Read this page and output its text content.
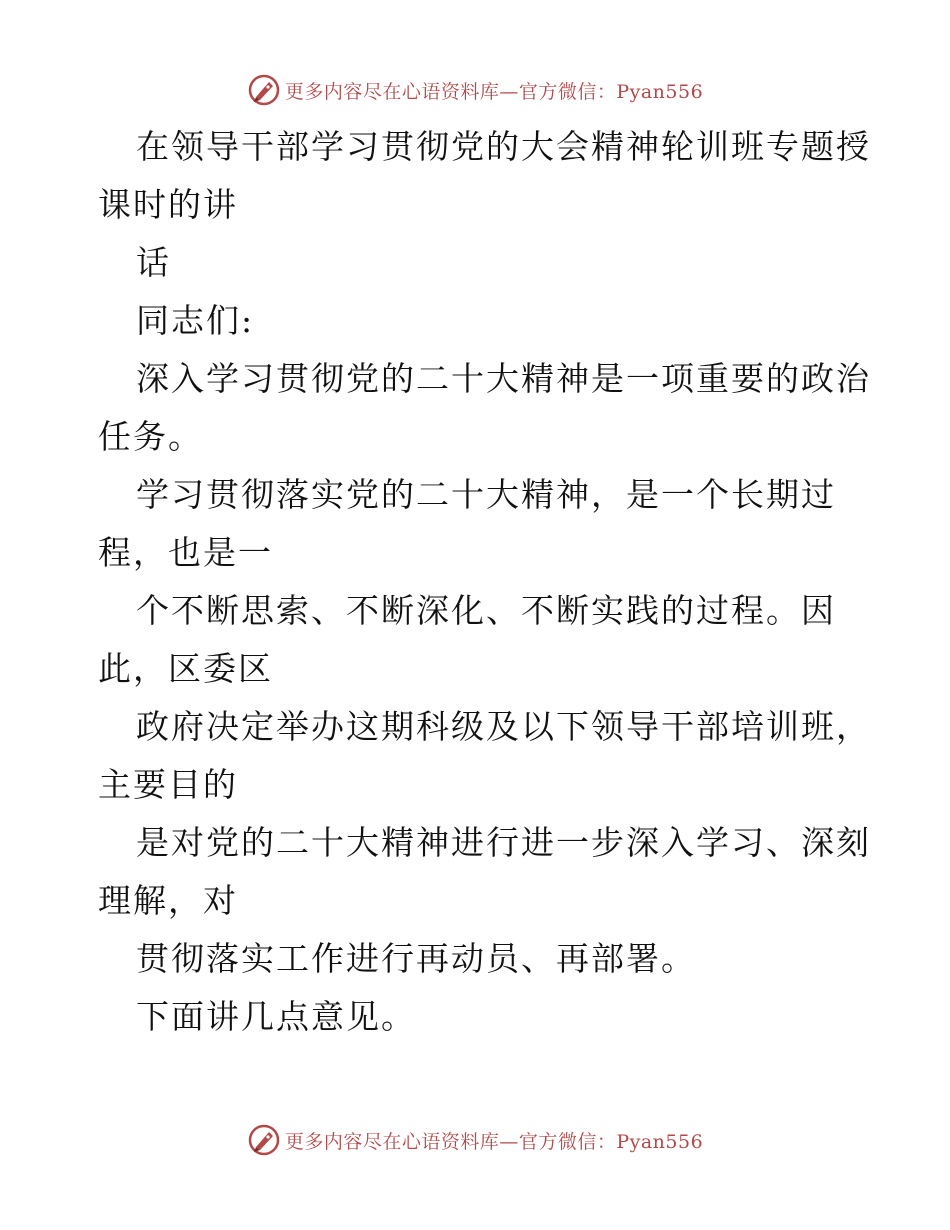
更多内容尽在心语资料库—官方微信：Pyan556
在领导干部学习贯彻党的大会精神轮训班专题授
课时的讲
话
同志们:
深入学习贯彻党的二十大精神是一项重要的政治
任务。
学习贯彻落实党的二十大精神，是一个长期过
程，也是一
个不断思索、不断深化、不断实践的过程。因
此，区委区
政府决定举办这期科级及以下领导干部培训班，
主要目的
是对党的二十大精神进行进一步深入学习、深刻
理解，对
贯彻落实工作进行再动员、再部署。
下面讲几点意见。
更多内容尽在心语资料库—官方微信：Pyan556
